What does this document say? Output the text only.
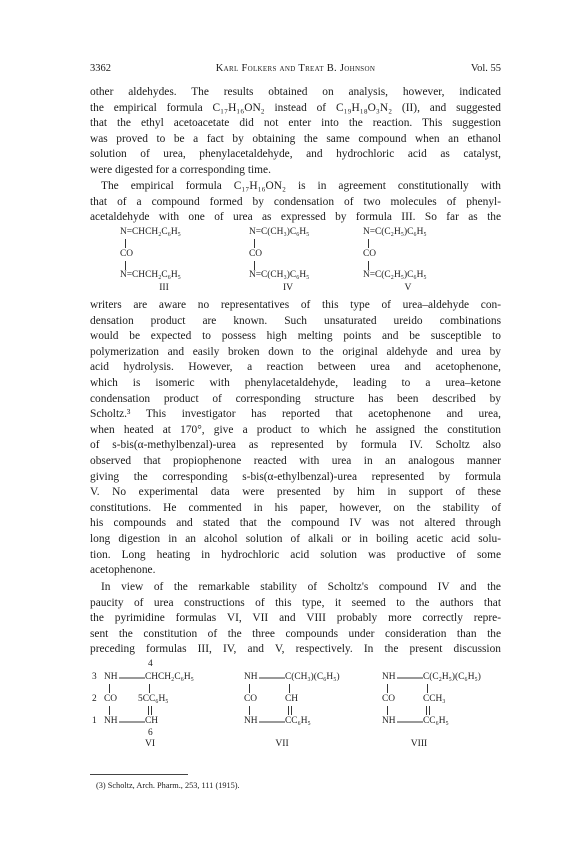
3362	Karl Folkers and Treat B. Johnson	Vol. 55
other aldehydes. The results obtained on analysis, however, indicated
the empirical formula C₁₇H₁₆ON₂ instead of C₁₉H₁₈O₃N₂ (II), and suggested
that the ethyl acetoacetate did not enter into the reaction. This suggestion
was proved to be a fact by obtaining the same compound when an ethanol
solution of urea, phenylacetaldehyde, and hydrochloric acid as catalyst,
were digested for a corresponding time.
The empirical formula C₁₇H₁₆ON₂ is in agreement constitutionally with
that of a compound formed by condensation of two molecules of phenyl-
acetaldehyde with one of urea as expressed by formula III. So far as the
N=CHCH₂C₆H₅
CO
N=CHCH₂C₆H₅
III
N=C(CH₃)C₆H₅
CO
N=C(CH₃)C₆H₅
IV
N=C(C₂H₅)C₆H₅
CO
N=C(C₂H₅)C₆H₅
V
writers are aware no representatives of this type of urea–aldehyde con-
densation product are known. Such unsaturated ureido combinations
would be expected to possess high melting points and be susceptible to
polymerization and easily broken down to the original aldehyde and urea by
acid hydrolysis. However, a reaction between urea and acetophenone,
which is isomeric with phenylacetaldehyde, leading to a urea–ketone
condensation product of corresponding structure has been described by
Scholtz.³ This investigator has reported that acetophenone and urea,
when heated at 170°, give a product to which he assigned the constitution
of s-bis(α-methylbenzal)-urea as represented by formula IV. Scholtz also
observed that propiophenone reacted with urea in an analogous manner
giving the corresponding s-bis(α-ethylbenzal)-urea represented by formula
V. No experimental data were presented by him in support of these
constitutions. He commented in his paper, however, on the stability of
his compounds and stated that the compound IV was not altered through
long digestion in an alcohol solution of alkali or in boiling acetic acid solu-
tion. Long heating in hydrochloric acid solution was productive of some
acetophenone.
In view of the remarkable stability of Scholtz's compound IV and the
paucity of urea constructions of this type, it seemed to the authors that
the pyrimidine formulas VI, VII and VIII probably more correctly repre-
sent the constitution of the three compounds under consideration than the
preceding formulas III, IV, and V, respectively. In the present discussion
4
3 NH	CHCH₂C₆H₅
2 CO 5CC₆H₅
1 NH	CH
6
VI
NH	C(CH₃)(C₆H₅)
CO	CH
NH	CC₆H₅
VII
NH	C(C₂H₅)(C₆H₅)
CO	CCH₃
NH	CC₆H₅
VIII
(3) Scholtz, Arch. Pharm., 253, 111 (1915).
